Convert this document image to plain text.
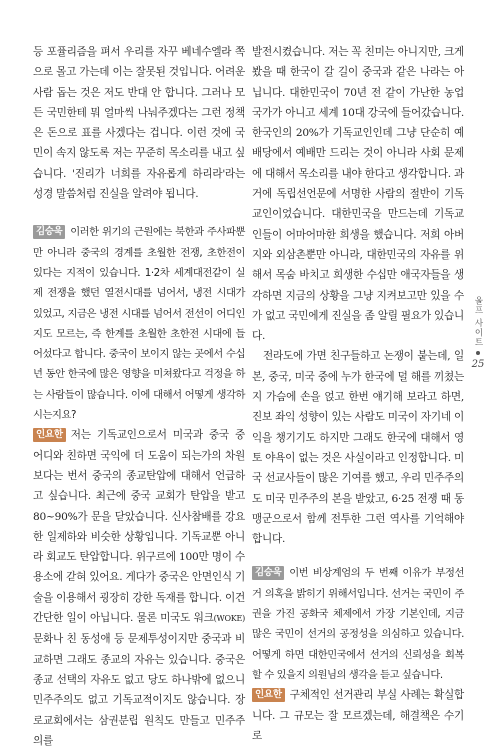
등 포퓰리즘을 펴서 우리를 자꾸 베네수엘라 쪽으로 몰고 가는데 이는 잘못된 것입니다. 어려운 사람 돕는 것은 저도 반대 안 합니다. 그러나 모든 국민한테 뭐 얼마씩 나눠주겠다는 그런 정책은 돈으로 표를 사겠다는 겁니다. 이런 것에 국민이 속지 않도록 저는 꾸준히 목소리를 내고 싶습니다. '진리가 너희를 자유롭게 하리라'라는 성경 말씀처럼 진실을 알려야 됩니다.

김승욱 이러한 위기의 근원에는 북한과 주사파뿐만 아니라 중국의 경계를 초월한 전쟁, 초한전이 있다는 지적이 있습니다. 1·2차 세계대전같이 실제 전쟁을 했던 열전시대를 넘어서, 냉전 시대가 있었고, 지금은 냉전 시대를 넘어서 전선이 어디인지도 모르는, 즉 한계를 초월한 초한전 시대에 들어섰다고 합니다. 중국이 보이지 않는 곳에서 수십 년 동안 한국에 많은 영향을 미쳐왔다고 걱정을 하는 사람들이 많습니다. 이에 대해서 어떻게 생각하시는지요?

인요한 저는 기독교인으로서 미국과 중국 중 어디와 친하면 국익에 더 도움이 되는가의 차원보다는 번서 중국의 종교탄압에 대해서 언급하고 싶습니다. 최근에 중국 교회가 탄압을 받고 80~90%가 문을 닫았습니다. 신사참배를 강요한 일제하와 비슷한 상황입니다. 기독교뿐 아니라 회교도 탄압합니다. 위구르에 100만 명이 수용소에 갇혀 있어요. 게다가 중국은 안면인식 기술을 이용해서 굉장히 강한 독재를 합니다. 이건 간단한 일이 아닙니다. 물론 미국도 워크(WOKE) 문화나 친 동성애 등 문제투성이지만 중국과 비교하면 그래도 종교의 자유는 있습니다. 중국은 종교 선택의 자유도 없고 당도 하나밖에 없으니 민주주의도 없고 기독교적이지도 않습니다. 장로교회에서는 삼권분립 원칙도 만들고 민주주의를

발전시켰습니다. 저는 꼭 친미는 아니지만, 크게 봤을 때 한국이 갈 길이 중국과 같은 나라는 아닙니다. 대한민국이 70년 전 같이 가난한 농업 국가가 아니고 세계 10대 강국에 들어갔습니다. 한국인의 20%가 기독교인인데 그냥 단순히 예배당에서 예배만 드리는 것이 아니라 사회 문제에 대해서 목소리를 내야 한다고 생각합니다. 과거에 독립선언문에 서명한 사람의 절반이 기독교인이었습니다. 대한민국을 만드는데 기독교인들이 어마어마한 희생을 했습니다. 저희 아버지와 외삼촌뿐만 아니라, 대한민국의 자유를 위해서 목숨 바치고 희생한 수십만 애국자들을 생각하면 지금의 상황을 그냥 지켜보고만 있을 수가 없고 국민에게 진실을 좀 알릴 필요가 있습니다.

전라도에 가면 친구들하고 논쟁이 붙는데, 일본, 중국, 미국 중에 누가 한국에 덜 해를 끼쳤는지 가슴에 손을 얹고 한번 얘기해 보라고 하면, 진보 좌익 성향이 있는 사람도 미국이 자기네 이익을 챙기기도 하지만 그래도 한국에 대해서 영토 야욕이 없는 것은 사실이라고 인정합니다. 미국 선교사들이 많은 기여를 했고, 우리 민주주의도 미국 민주주의 본을 받았고, 6·25 전쟁 때 동맹군으로서 함께 전투한 그런 역사를 기억해야 합니다.

김승욱 이번 비상계엄의 두 번째 이유가 부정선거 의혹을 밝히기 위해서입니다. 선거는 국민이 주권을 가진 공화국 체제에서 가장 기본인데, 지금 많은 국민이 선거의 공정성을 의심하고 있습니다. 어떻게 하면 대한민국에서 선거의 신뢰성을 회복할 수 있을지 의원님의 생각을 듣고 싶습니다.

인요한 구체적인 선거관리 부실 사례는 확실합니다. 그 규모는 잘 모르겠는데, 해결책은 수기로

울프 사이트
25
